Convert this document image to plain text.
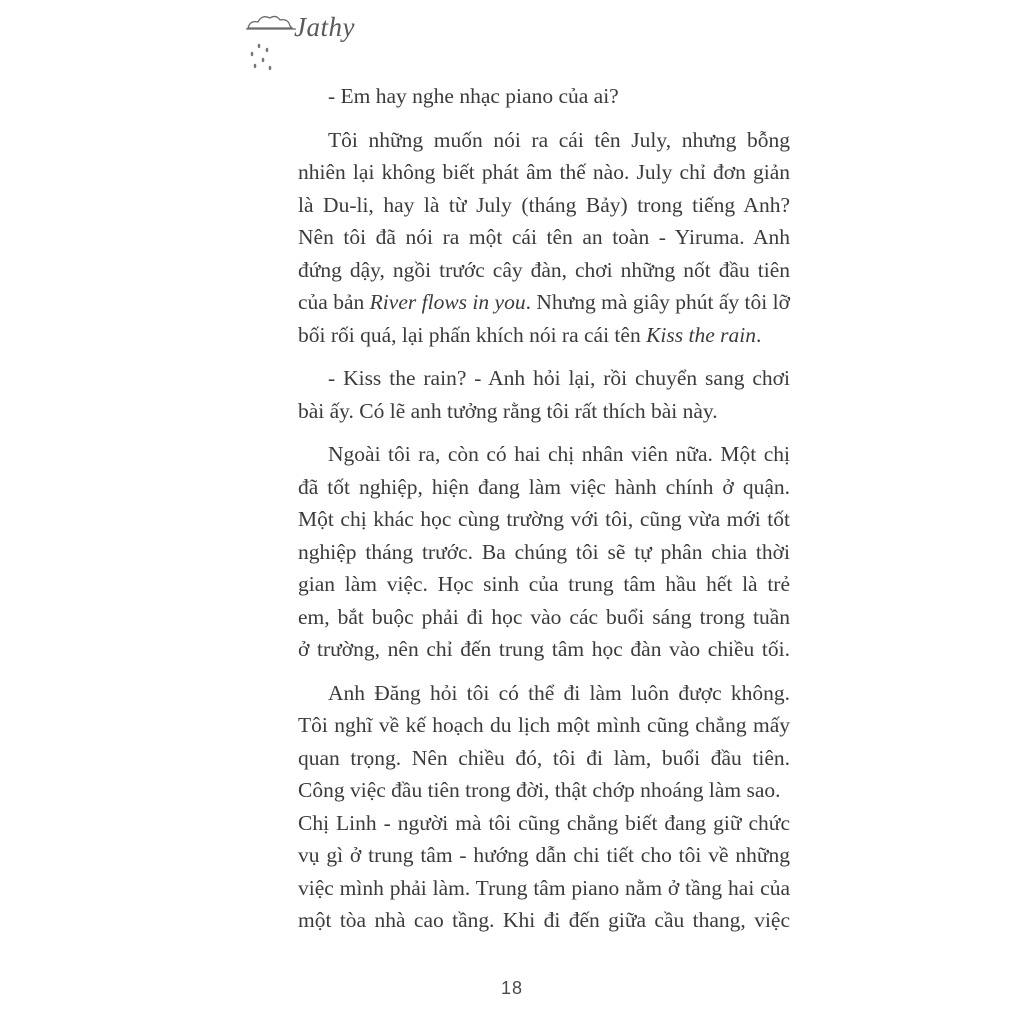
Jathy
- Em hay nghe nhạc piano của ai?
Tôi những muốn nói ra cái tên July, nhưng bỗng
nhiên lại không biết phát âm thế nào. July chỉ đơn giản
là Du-li, hay là từ July (tháng Bảy) trong tiếng Anh?
Nên tôi đã nói ra một cái tên an toàn - Yiruma. Anh
đứng dậy, ngồi trước cây đàn, chơi những nốt đầu tiên
của bản River flows in you. Nhưng mà giây phút ấy tôi lỡ
bối rối quá, lại phấn khích nói ra cái tên Kiss the rain.
- Kiss the rain? - Anh hỏi lại, rồi chuyển sang chơi
bài ấy. Có lẽ anh tưởng rằng tôi rất thích bài này.
Ngoài tôi ra, còn có hai chị nhân viên nữa. Một chị
đã tốt nghiệp, hiện đang làm việc hành chính ở quận.
Một chị khác học cùng trường với tôi, cũng vừa mới tốt
nghiệp tháng trước. Ba chúng tôi sẽ tự phân chia thời
gian làm việc. Học sinh của trung tâm hầu hết là trẻ
em, bắt buộc phải đi học vào các buổi sáng trong tuần
ở trường, nên chỉ đến trung tâm học đàn vào chiều tối.
Anh Đăng hỏi tôi có thể đi làm luôn được không.
Tôi nghĩ về kế hoạch du lịch một mình cũng chẳng mấy
quan trọng. Nên chiều đó, tôi đi làm, buổi đầu tiên.
Công việc đầu tiên trong đời, thật chớp nhoáng làm sao.
Chị Linh - người mà tôi cũng chẳng biết đang giữ chức
vụ gì ở trung tâm - hướng dẫn chi tiết cho tôi về những
việc mình phải làm. Trung tâm piano nằm ở tầng hai của
một tòa nhà cao tầng. Khi đi đến giữa cầu thang, việc
18
